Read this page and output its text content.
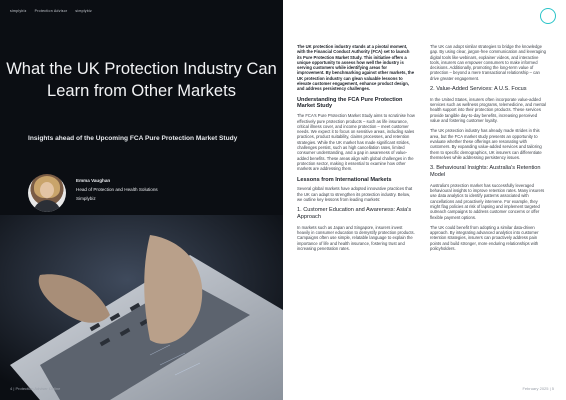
simplybiz Protection Advisor simplybiz
What the UK Protection Industry Can Learn from Other Markets
Insights ahead of the Upcoming FCA Pure Protection Market Study
Emma Vaughan
Head of Protection and Health Solutions
Simplybiz
4 | Protection Adviser Online

The UK protection industry stands at a pivotal moment, with the Financial Conduct Authority (FCA) set to launch its Pure Protection Market Study. This initiative offers a unique opportunity to assess how well the industry is serving customers while identifying areas for improvement. By benchmarking against other markets, the UK protection industry can glean valuable lessons to elevate customer engagement, enhance product design, and address persistency challenges.

Understanding the FCA Pure Protection Market Study

The FCA's Pure Protection Market Study aims to scrutinise how effectively pure protection products – such as life insurance, critical illness cover, and income protection – meet customer needs. We expect it to focus on sensitive areas, including sales practices, product suitability, claims processes, and retention strategies. While the UK market has made significant strides, challenges persist, such as high cancellation rates, limited consumer understanding, and a gap in awareness of value-added benefits. These areas align with global challenges in the protection sector, making it essential to examine how other markets are addressing them.

Lessons from International Markets

Several global markets have adopted innovative practices that the UK can adapt to strengthen its protection industry. Below, we outline key lessons from leading markets:

1. Customer Education and Awareness: Asia's Approach

In markets such as Japan and Singapore, insurers invest heavily in consumer education to demystify protection products. Campaigns often use simple, relatable language to explain the importance of life and health insurance, fostering trust and increasing penetration rates.

The UK can adopt similar strategies to bridge the knowledge gap. By using clear, jargon-free communication and leveraging digital tools like webinars, explainer videos, and interactive tools, insurers can empower consumers to make informed decisions. Additionally, promoting the long-term value of protection – beyond a mere transactional relationship – can drive greater engagement.

2. Value-Added Services: A U.S. Focus

In the United States, insurers often incorporate value-added services such as wellness programs, telemedicine, and mental health support into their protection products. These services provide tangible day-to-day benefits, increasing perceived value and fostering customer loyalty.

The UK protection industry has already made strides in this area, but the FCA market study presents an opportunity to evaluate whether these offerings are resonating with customers. By expanding value-added services and tailoring them to specific demographics, UK insurers can differentiate themselves while addressing persistency issues.

3. Behavioural Insights: Australia's Retention Model

Australia's protection market has successfully leveraged behavioural insights to improve retention rates. Many insurers use data analytics to identify patterns associated with cancellations and proactively intervene. For example, they might flag policies at risk of lapsing and implement targeted outreach campaigns to address customer concerns or offer flexible payment options.

The UK could benefit from adopting a similar data-driven approach. By integrating advanced analytics into customer retention strategies, insurers can proactively address pain points and build stronger, more enduring relationships with policyholders.

February 2025 | 5
